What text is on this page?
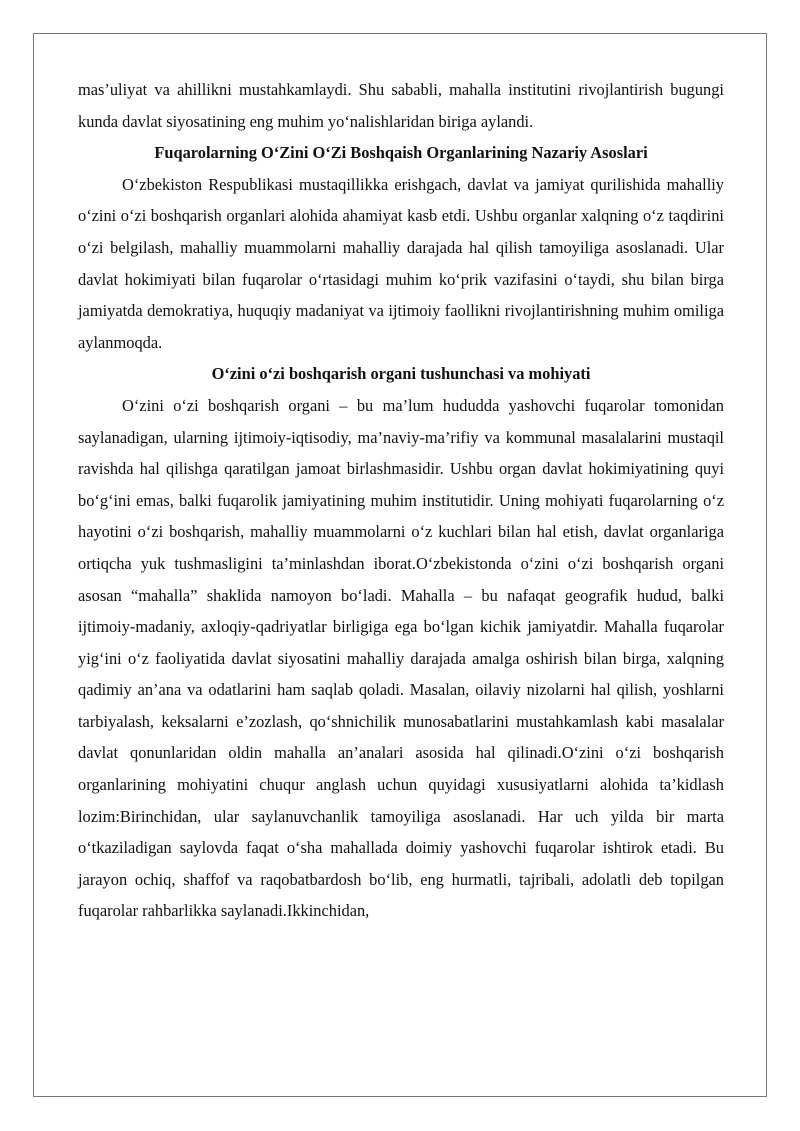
mas’uliyat va ahillikni mustahkamlaydi. Shu sababli, mahalla institutini rivojlantirish bugungi kunda davlat siyosatining eng muhim yo‘nalishlaridan biriga aylandi.

Fuqarolarning O‘Zini O‘Zi Boshqaish Organlarining Nazariy Asoslari

O‘zbekiston Respublikasi mustaqillikka erishgach, davlat va jamiyat qurilishida mahalliy o‘zini o‘zi boshqarish organlari alohida ahamiyat kasb etdi. Ushbu organlar xalqning o‘z taqdirini o‘zi belgilash, mahalliy muammolarni mahalliy darajada hal qilish tamoyiliga asoslanadi. Ular davlat hokimiyati bilan fuqarolar o‘rtasidagi muhim ko‘prik vazifasini o‘taydi, shu bilan birga jamiyatda demokratiya, huquqiy madaniyat va ijtimoiy faollikni rivojlantirishning muhim omiliga aylanmoqda.

O‘zini o‘zi boshqarish organi tushunchasi va mohiyati

O‘zini o‘zi boshqarish organi – bu ma’lum hududda yashovchi fuqarolar tomonidan saylanadigan, ularning ijtimoiy-iqtisodiy, ma’naviy-ma’rifiy va kommunal masalalarini mustaqil ravishda hal qilishga qaratilgan jamoat birlashmasidir. Ushbu organ davlat hokimiyatining quyi bo‘g‘ini emas, balki fuqarolik jamiyatining muhim institutidir. Uning mohiyati fuqarolarning o‘z hayotini o‘zi boshqarish, mahalliy muammolarni o‘z kuchlari bilan hal etish, davlat organlariga ortiqcha yuk tushmasligini ta’minlashdan iborat.O‘zbekistonda o‘zini o‘zi boshqarish organi asosan “mahalla” shaklida namoyon bo‘ladi. Mahalla – bu nafaqat geografik hudud, balki ijtimoiy-madaniy, axloqiy-qadriyatlar birligiga ega bo‘lgan kichik jamiyatdir. Mahalla fuqarolar yig‘ini o‘z faoliyatida davlat siyosatini mahalliy darajada amalga oshirish bilan birga, xalqning qadimiy an’ana va odatlarini ham saqlab qoladi. Masalan, oilaviy nizolarni hal qilish, yoshlarni tarbiyalash, keksalarni e’zozlash, qo‘shnichilik munosabatlarini mustahkamlash kabi masalalar davlat qonunlaridan oldin mahalla an’analari asosida hal qilinadi.O‘zini o‘zi boshqarish organlarining mohiyatini chuqur anglash uchun quyidagi xususiyatlarni alohida ta’kidlash lozim:Birinchidan, ular saylanuvchanlik tamoyiliga asoslanadi. Har uch yilda bir marta o‘tkaziladigan saylovda faqat o‘sha mahallada doimiy yashovchi fuqarolar ishtirok etadi. Bu jarayon ochiq, shaffof va raqobatbardosh bo‘lib, eng hurmatli, tajribali, adolatli deb topilgan fuqarolar rahbarlikka saylanadi.Ikkinchidan,
